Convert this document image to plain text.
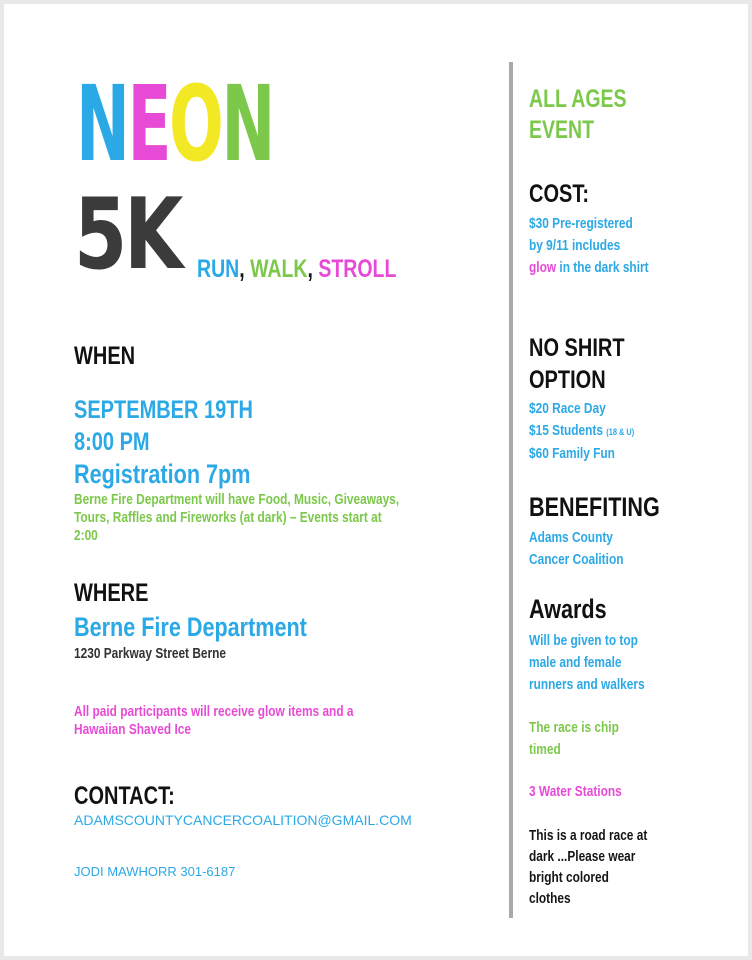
NEON
5K RUN, WALK, STROLL
WHEN
SEPTEMBER 19TH
8:00 PM
Registration 7pm
Berne Fire Department will have Food, Music, Giveaways,
Tours, Raffles and Fireworks (at dark) – Events start at
2:00
WHERE
Berne Fire Department
1230 Parkway Street Berne
All paid participants will receive glow items and a
Hawaiian Shaved Ice
CONTACT:
ADAMSCOUNTYCANCERCOALITION@GMAIL.COM
JODI MAWHORR 301-6187
ALL AGES
EVENT
COST:
$30 Pre-registered
by 9/11 includes
glow in the dark shirt
NO SHIRT
OPTION
$20 Race Day
$15 Students (18 & U)
$60 Family Fun
BENEFITING
Adams County
Cancer Coalition
Awards
Will be given to top
male and female
runners and walkers
The race is chip
timed
3 Water Stations
This is a road race at
dark ...Please wear
bright colored
clothes
